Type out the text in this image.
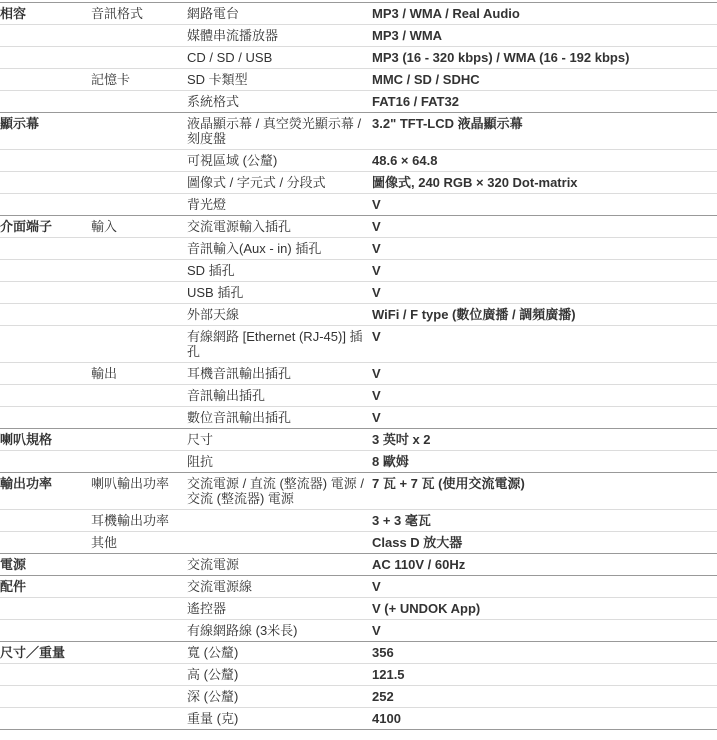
相容	音訊格式	網路電台	MP3 / WMA / Real Audio
		媒體串流播放器	MP3 / WMA
		CD / SD / USB	MP3 (16 - 320 kbps) / WMA (16 - 192 kbps)
	記憶卡	SD 卡類型	MMC / SD / SDHC
		系統格式	FAT16 / FAT32
顯示幕		液晶顯示幕 / 真空熒光顯示幕 / 刻度盤	3.2" TFT-LCD 液晶顯示幕
		可視區域 (公釐)	48.6 × 64.8
		圖像式 / 字元式 / 分段式	圖像式, 240 RGB × 320 Dot-matrix
		背光燈	V
介面端子	輸入	交流電源輸入插孔	V
		音訊輸入(Aux - in) 插孔	V
		SD 插孔	V
		USB 插孔	V
		外部天線	WiFi / F type (數位廣播 / 調頻廣播)
		有線網路 [Ethernet (RJ-45)] 插孔	V
	輸出	耳機音訊輸出插孔	V
		音訊輸出插孔	V
		數位音訊輸出插孔	V
喇叭規格		尺寸	3 英吋 x 2
		阻抗	8 歐姆
輸出功率	喇叭輸出功率	交流電源 / 直流 (整流器) 電源 / 交流 (整流器) 電源	7 瓦 + 7 瓦 (使用交流電源)
	耳機輸出功率		3 + 3 毫瓦
	其他		Class D 放大器
電源		交流電源	AC 110V / 60Hz
配件		交流電源線	V
		遙控器	V (+ UNDOK App)
		有線網路線 (3米長)	V
尺寸／重量		寬 (公釐)	356
		高 (公釐)	121.5
		深 (公釐)	252
		重量 (克)	4100
